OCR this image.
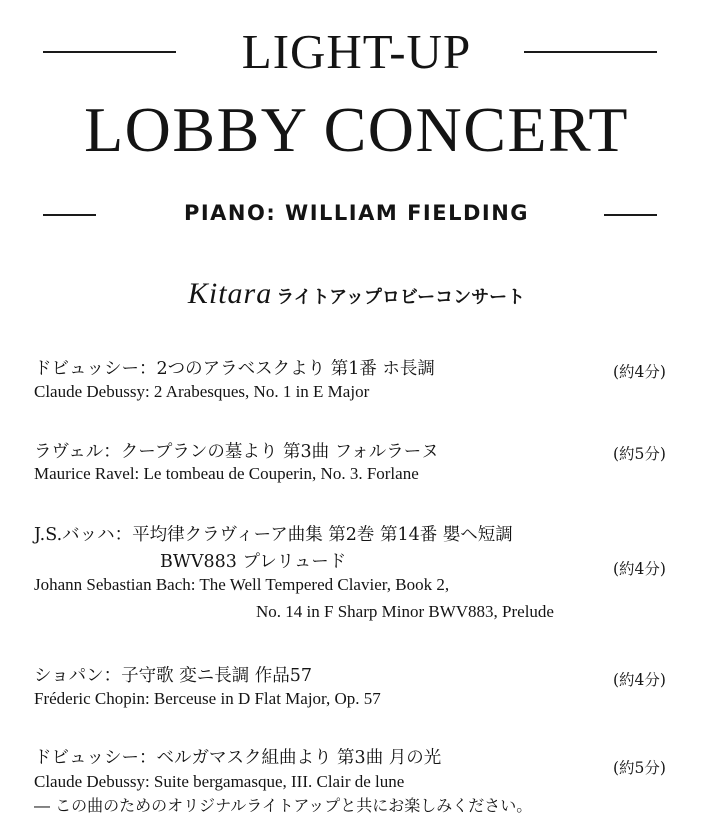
LIGHT-UP
LOBBY CONCERT
PIANO: WILLIAM FIELDING
Kitara ライトアップロビーコンサート
ドビュッシー：2つのアラベスクより 第1番 ホ長調
Claude Debussy: 2 Arabesques, No. 1 in E Major
(約4分)
ラヴェル：クープランの墓より 第3曲 フォルラーヌ
Maurice Ravel: Le tombeau de Couperin, No. 3. Forlane
(約5分)
J.S.バッハ：平均律クラヴィーア曲集 第2巻 第14番 嬰ヘ短調
BWV883 プレリュード
Johann Sebastian Bach: The Well Tempered Clavier, Book 2,
No. 14 in F Sharp Minor BWV883, Prelude
(約4分)
ショパン：子守歌 変ニ長調 作品57
Fréderic Chopin: Berceuse in D Flat Major, Op. 57
(約4分)
ドビュッシー：ベルガマスク組曲より 第3曲 月の光
Claude Debussy: Suite bergamasque, III. Clair de lune
― この曲のためのオリジナルライトアップと共にお楽しみください。
(約5分)
